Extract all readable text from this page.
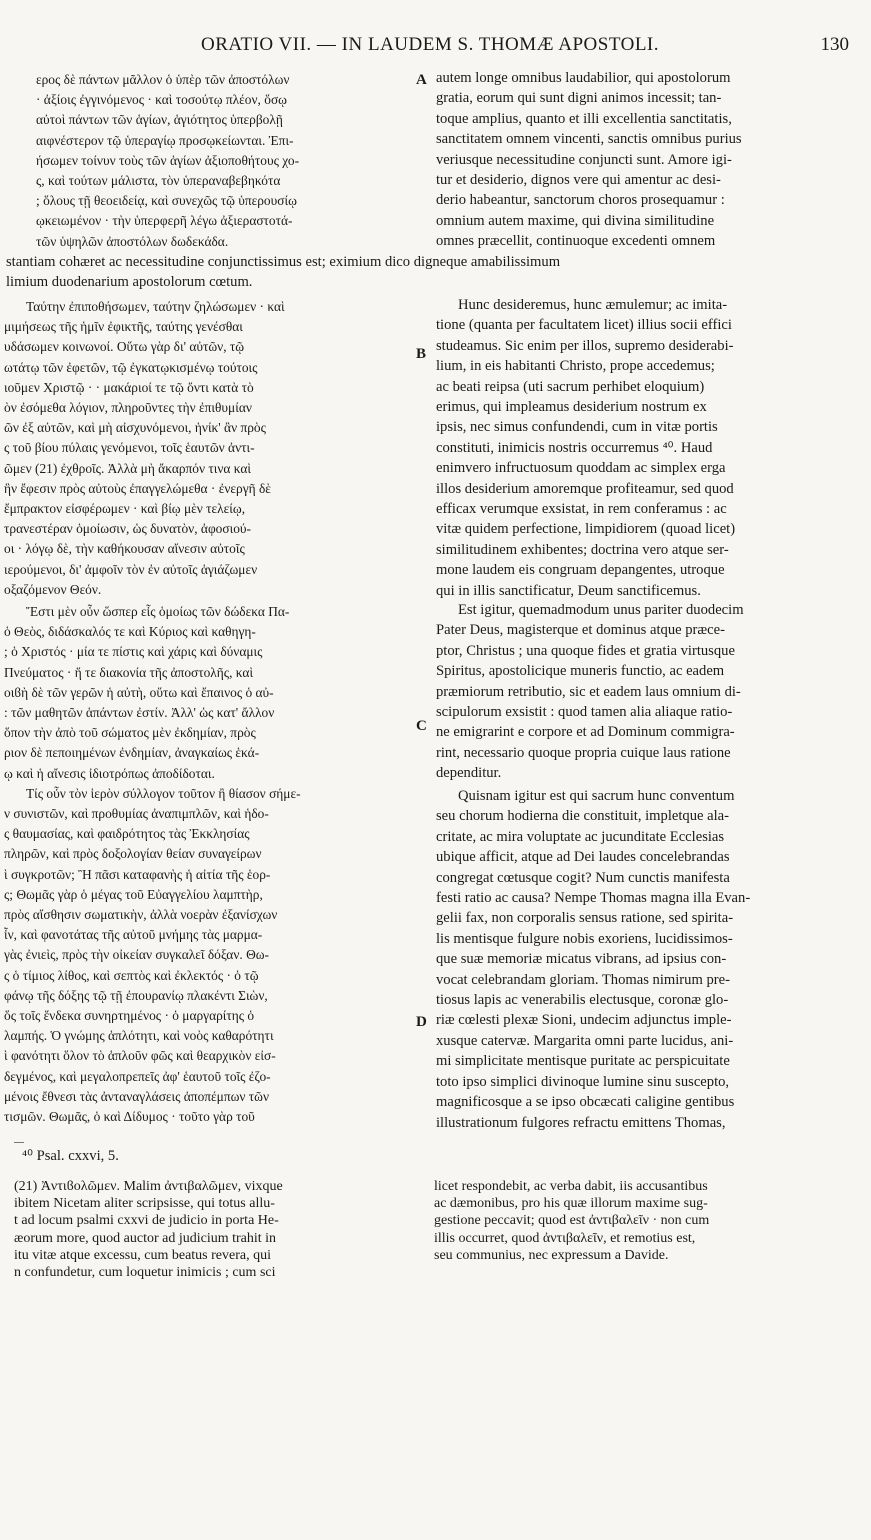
ORATIO VII. — IN LAUDEM S. THOMÆ APOSTOLI.	130
ερος δὲ πάντων μᾶλλον ὁ ὑπὲρ τῶν ἀποστόλων
· ἀξίοις ἐγγινόμενος · καὶ τοσούτῳ πλέον, ὅσῳ
αὐτοὶ πάντων τῶν ἁγίων, ἁγιότητος ὑπερβολῇ
αιφνέστερον τῷ ὑπεραγίῳ προσῳκείωνται. Ἐπι-
ήσωμεν τοίνυν τοὺς τῶν ἁγίων ἀξιοποθήτους χο-
ς, καὶ τούτων μάλιστα, τὸν ὑπεραναβεβηκότα
; ὅλους τῇ θεοειδείᾳ, καὶ συνεχῶς τῷ ὑπερουσίῳ
ῳκειωμένον · τὴν ὑπερφερῆ λέγω ἀξιεραστοτά-
τῶν ὑψηλῶν ἀποστόλων δωδεκάδα.
A autem longe omnibus laudabilior, qui apostolorum
gratia, eorum qui sunt digni animos incessit; tan-
toque amplius, quanto et illi excellentia sanctitatis,
sanctitatem omnem vincenti, sanctis omnibus purius
veriusque necessitudine conjuncti sunt. Amore igi-
tur et desiderio, dignos vere qui amentur ac desi-
derio habeantur, sanctorum choros prosequamur :
omnium autem maxime, qui divina similitudine
omnes præcellit, continuoque excedenti omnem
stantiam cohæret ac necessitudine conjunctissimus est; eximium dico digneque amabilissimum
limium duodenarium apostolorum cœtum.
Ταύτην ἐπιποθήσωμεν, ταύτην ζηλώσωμεν · καὶ
μιμήσεως τῆς ἡμῖν ἐφικτῆς, ταύτης γενέσθαι
υδάσωμεν κοινωνοί. Οὕτω γὰρ δι' αὐτῶν, τῷ
ωτάτῳ τῶν ἐφετῶν, τῷ ἐγκατῳκισμένῳ τούτοις
ιοῦμεν Χριστῷ · · μακάριοί τε τῷ ὄντι κατὰ τὸ
ὸν ἐσόμεθα λόγιον, πληροῦντες τὴν ἐπιθυμίαν
ῶν ἐξ αὐτῶν, καὶ μὴ αἰσχυνόμενοι, ἡνίκ' ἂν πρὸς
ς τοῦ βίου πύλαις γενόμενοι, τοῖς ἑαυτῶν ἀντι-
ῶμεν (21) ἐχθροῖς. Ἀλλὰ μὴ ἄκαρπόν τινα καὶ
ἣν ἔφεσιν πρὸς αὐτοὺς ἐπαγγελώμεθα · ἐνεργῆ δὲ
ἔμπρακτον εἰσφέρωμεν · καὶ βίῳ μὲν τελείῳ,
τρανεστέραν ὁμοίωσιν, ὡς δυνατὸν, ἀφοσιού-
οι · λόγῳ δὲ, τὴν καθήκουσαν αἴνεσιν αὐτοῖς
ιερούμενοι, δι' ἀμφοῖν τὸν ἐν αὐτοῖς ἁγιάζωμεν
οξαζόμενον Θεόν.
B
Hunc desideremus, hunc æmulemur; ac imita-
tione (quanta per facultatem licet) illius socii effici
studeamus. Sic enim per illos, supremo desiderabi-
lium, in eis habitanti Christo, prope accedemus;
ac beati reipsa (uti sacrum perhibet eloquium)
erimus, qui impleamus desiderium nostrum ex
ipsis, nec simus confundendi, cum in vitæ portis
constituti, inimicis nostris occurremus ⁴⁰. Haud
enimvero infructuosum quoddam ac simplex erga
illos desiderium amoremque profiteamur, sed quod
efficax verumque exsistat, in rem conferamus : ac
vitæ quidem perfectione, limpidiorem (quoad licet)
similitudinem exhibentes; doctrina vero atque ser-
mone laudem eis congruam depangentes, utroque
qui in illis sanctificatur, Deum sanctificemus.
Ἔστι μὲν οὖν ὥσπερ εἷς ὁμοίως τῶν δώδεκα Πα-
ὁ Θεὸς, διδάσκαλός τε καὶ Κύριος καὶ καθηγη-
; ὁ Χριστός · μία τε πίστις καὶ χάρις καὶ δύναμις
Πνεύματος · ἥ τε διακονία τῆς ἀποστολῆς, καὶ
οιϐὴ δὲ τῶν γερῶν ἡ αὐτὴ, οὕτω καὶ ἔπαινος ὁ αὐ-
: τῶν μαθητῶν ἁπάντων ἐστίν. Ἀλλ' ὡς κατ' ἄλλον
ὅπον τὴν ἀπὸ τοῦ σώματος μὲν ἐκδημίαν, πρὸς
ριον δὲ πεποιημένων ἐνδημίαν, ἀναγκαίως ἑκά-
ῳ καὶ ἡ αἴνεσις ἰδιοτρόπως ἀποδίδοται.
Τίς οὖν τὸν ἱερὸν σύλλογον τοῦτον ἢ θίασον σήμε-
ν συνιστῶν, καὶ προθυμίας ἀναπιμπλῶν, καὶ ἡδο-
ς θαυμασίας, καὶ φαιδρότητος τὰς Ἐκκλησίας
πληρῶν, καὶ πρὸς δοξολογίαν θείαν συναγείρων
ὶ συγκροτῶν; Ἢ πᾶσι καταφανὴς ἡ αἰτία τῆς ἑορ-
ς; Θωμᾶς γὰρ ὁ μέγας τοῦ Εὐαγγελίου λαμπτὴρ,
πρὸς αἴσθησιν σωματικὴν, ἀλλὰ νοερὰν ἐξανίσχων
ἶν, καὶ φανοτάτας τῆς αὐτοῦ μνήμης τὰς μαρμα-
γὰς ἐνιεὶς, πρὸς τὴν οἰκείαν συγκαλεῖ δόξαν. Θω-
ς ὁ τίμιος λίθος, καὶ σεπτὸς καὶ ἐκλεκτός · ὁ τῷ
φάνῳ τῆς δόξης τῷ τῇ ἐπουρανίῳ πλακέντι Σιὼν,
ὅς τοῖς ἕνδεκα συνηρτημένος · ὁ μαργαρίτης ὁ
λαμπής. Ὁ γνώμης ἁπλότητι, καὶ νοὸς καθαρότητι
ὶ φανότητι ὅλον τὸ ἁπλοῦν φῶς καὶ θεαρχικὸν εἰσ-
δεγμένος, καὶ μεγαλοπρεπεῖς ἀφ' ἑαυτοῦ τοῖς ἐζο-
μένοις ἔθνεσι τὰς ἀνταναγλάσεις ἀποπέμπων τῶν
τισμῶν. Θωμᾶς, ὁ καὶ Δίδυμος · τοῦτο γὰρ τοῦ
C
Est igitur, quemadmodum unus pariter duodecim
Pater Deus, magisterque et dominus atque præce-
ptor, Christus ; una quoque fides et gratia virtusque
Spiritus, apostolicique muneris functio, ac eadem
præmiorum retributio, sic et eadem laus omnium di-
scipulorum exsistit : quod tamen alia aliaque ratio-
ne emigrarint e corpore et ad Dominum commigra-
rint, necessario quoque propria cuique laus ratione
dependitur.
Quisnam igitur est qui sacrum hunc conventum
seu chorum hodierna die constituit, impletque ala-
critate, ac mira voluptate ac jucunditate Ecclesias
ubique afficit, atque ad Dei laudes concelebrandas
congregat cœtusque cogit? Num cunctis manifesta
festi ratio ac causa? Nempe Thomas magna illa Evan-
gelii fax, non corporalis sensus ratione, sed spirita-
lis mentisque fulgure nobis exoriens, lucidissimos-
que suæ memoriæ micatus vibrans, ad ipsius con-
vocat celebrandam gloriam. Thomas nimirum pre-
tiosus lapis ac venerabilis electusque, coronæ glo-
riæ cœlesti plexæ Sioni, undecim adjunctus imple-
xusque catervæ. Margarita omni parte lucidus, ani-
mi simplicitate mentisque puritate ac perspicuitate
toto ipso simplici divinoque lumine sinu suscepto,
magnificosque a se ipso obcæcati caligine gentibus
illustrationum fulgores refractu emittens Thomas,
D
⁴⁰ Psal. cxxvi, 5.
(21) Ἀντιϐολῶμεν. Malim ἀντιβαλῶμεν, vixque
ibitem Nicetam aliter scripsisse, qui totus allu-
t ad locum psalmi cxxvi de judicio in porta He-
æorum more, quod auctor ad judicium trahit in
itu vitæ atque excessu, cum beatus revera, qui
n confundetur, cum loquetur inimicis ; cum sci
licet respondebit, ac verba dabit, iis accusantibus
ac dæmonibus, pro his quæ illorum maxime sug-
gestione peccavit; quod est ἀντιβαλεῖν · non cum
illis occurret, quod ἀντιβαλεῖν, et remotius est,
seu communius, nec expressum a Davide.
